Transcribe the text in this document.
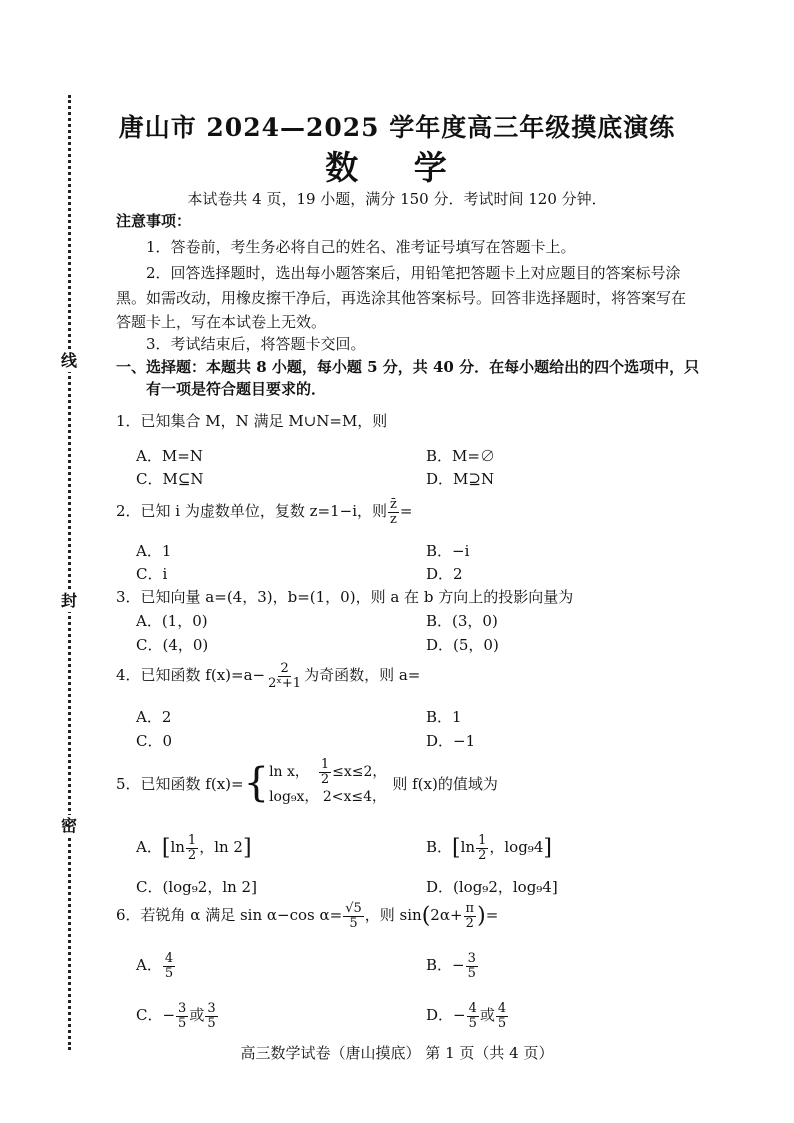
线
封
密
唐山市 2024—2025 学年度高三年级摸底演练
数 学
本试卷共 4 页，19 小题，满分 150 分．考试时间 120 分钟．
注意事项：
1．答卷前，考生务必将自己的姓名、准考证号填写在答题卡上。
2．回答选择题时，选出每小题答案后，用铅笔把答题卡上对应题目的答案标号涂
黑。如需改动，用橡皮擦干净后，再选涂其他答案标号。回答非选择题时，将答案写在
答题卡上，写在本试卷上无效。
3．考试结束后，将答题卡交回。
一、选择题：本题共 8 小题，每小题 5 分，共 40 分．在每小题给出的四个选项中，只
有一项是符合题目要求的．
1．已知集合 M，N 满足 M∪N=M，则
A．M=N	B．M=∅
C．M⊆N	D．M⊇N
2．已知 i 为虚数单位，复数 z=1−i，则 $\frac{z̄}{z}$ =
A．1	B．−i
C．i	D．2
3．已知向量 a=(4，3)，b=(1，0)，则 a 在 b 方向上的投影向量为
A．(1，0)	B．(3，0)
C．(4，0)	D．(5，0)
4．已知函数 $f(x)=a- \frac{2}{\text{2ˣ+1}}$ 为奇函数，则 a=
A．2	B．1
C．0	D．−1
5．已知函数 f(x)= { ln x， $\frac{1}{2} \le x\le 2$，
log₉x， 2<x≤4，
则 f(x)的值域为
A．[$\ln \frac{1}{2}$ ，ln 2]	B．[$\ln \frac{1}{2}$ ，log₉4]
C．(log₉2，ln 2]	D．(log₉2，log₉4]
6．若锐角 α 满足 sin α−cos $\alpha= \frac{√5}{5}$ ，则 $\sin(2\alpha+ \frac{\pi}{2}$ )=
A． $\frac{4}{5}$	B．− $\frac{3}{5}$
C．− $\frac{3}{5}$ 或 $\frac{3}{5}$	D．− $\frac{4}{5}$ 或 $\frac{4}{5}$
高三数学试卷（唐山摸底） 第 1 页（共 4 页）
